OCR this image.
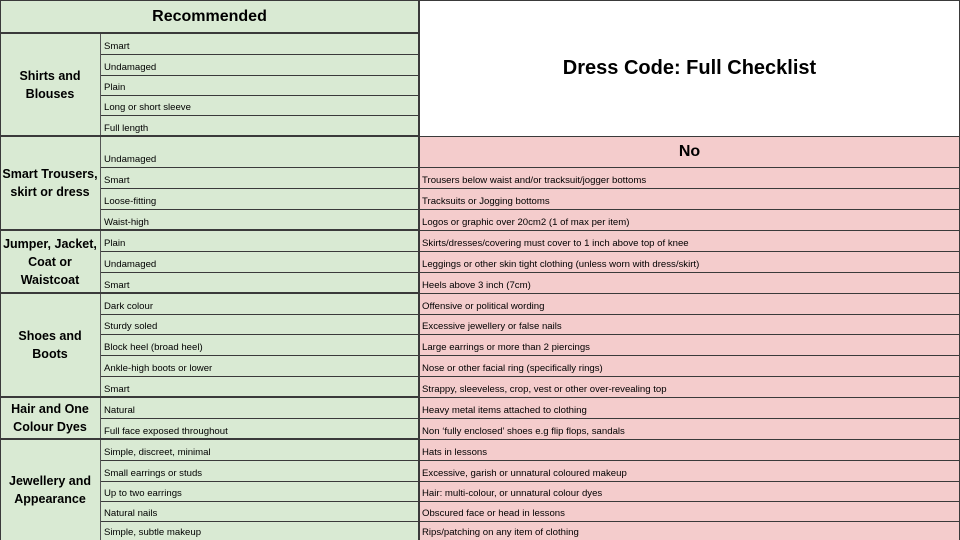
Recommended
Dress Code: Full Checklist
Shirts and
Blouses
Smart
Undamaged
Plain
Long or short sleeve
Full length
Smart Trousers,
skirt or dress
Undamaged
Smart
Loose-fitting
Waist-high
Jumper, Jacket,
Coat or
Waistcoat
Plain
Undamaged
Smart
Shoes and Boots
Dark colour
Sturdy soled
Block heel (broad heel)
Ankle-high boots or lower
Smart
Hair and One
Colour Dyes
Natural
Full face exposed throughout
Jewellery and
Appearance
Simple, discreet, minimal
Small earrings or studs
Up to two earrings
Natural nails
Simple, subtle makeup
No
Trousers below waist and/or tracksuit/jogger bottoms
Tracksuits or Jogging bottoms
Logos or graphic over 20cm2 (1 of max per item)
Skirts/dresses/covering must cover to 1 inch above top of knee
Leggings or other skin tight clothing (unless worn with dress/skirt)
Heels above 3 inch (7cm)
Offensive or political wording
Excessive jewellery or false nails
Large earrings or more than 2 piercings
Nose or other facial ring (specifically rings)
Strappy, sleeveless, crop, vest or other over-revealing top
Heavy metal items attached to clothing
Non ‘fully enclosed’ shoes e.g flip flops, sandals
Hats in lessons
Excessive, garish or unnatural coloured makeup
Hair: multi-colour, or unnatural colour dyes
Obscured face or head in lessons
Rips/patching on any item of clothing
